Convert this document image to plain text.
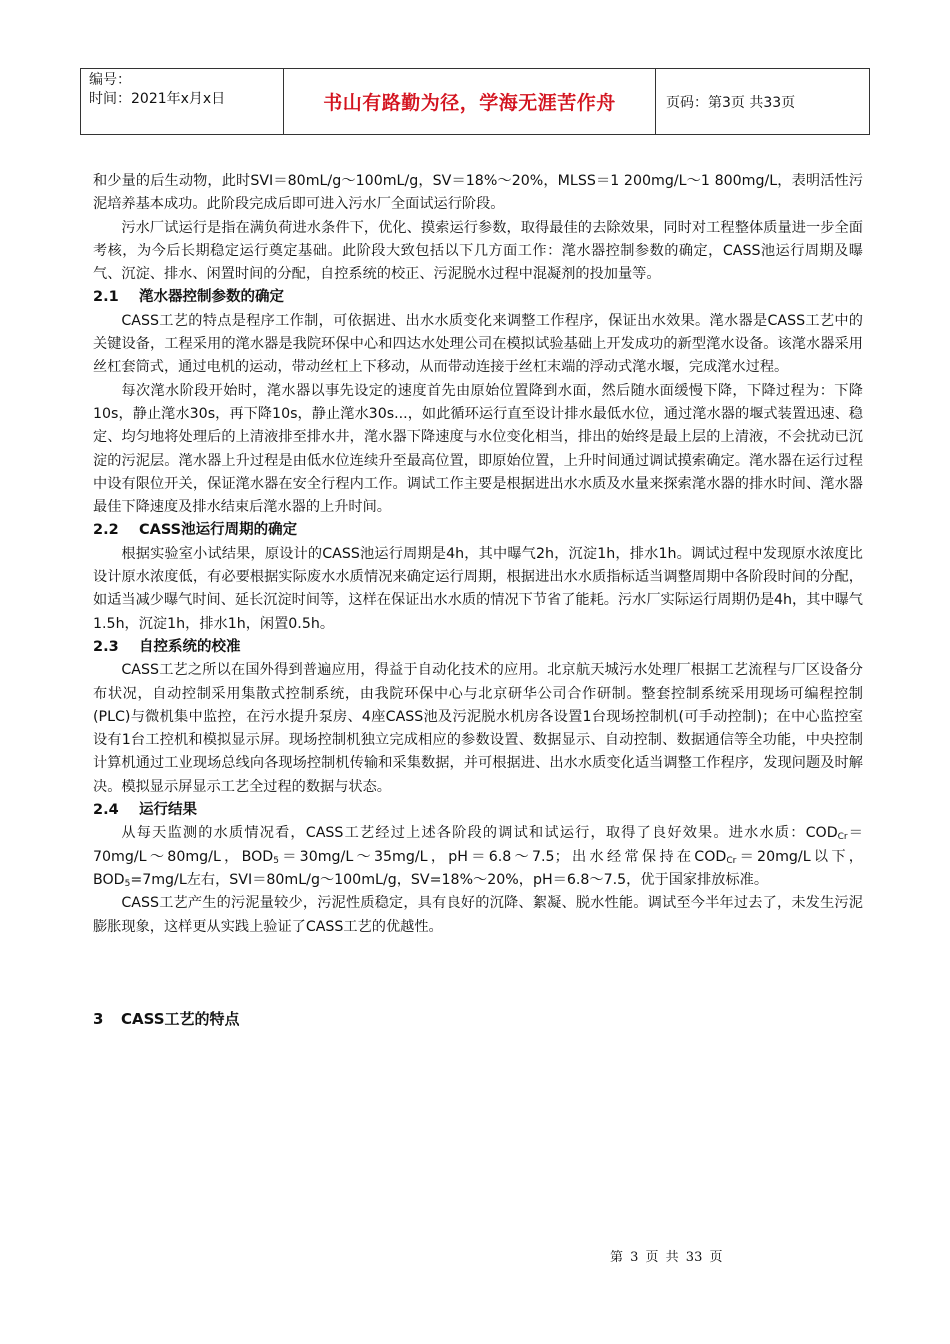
编号：
时间：2021年x月x日	书山有路勤为径，学海无涯苦作舟	页码：第3页 共33页

和少量的后生动物，此时SVI＝80mL/g～100mL/g，SV＝18%～20%，MLSS＝1 200mg/L～1 800mg/L，表明活性污泥培养基本成功。此阶段完成后即可进入污水厂全面试运行阶段。

污水厂试运行是指在满负荷进水条件下，优化、摸索运行参数，取得最佳的去除效果，同时对工程整体质量进一步全面考核，为今后长期稳定运行奠定基础。此阶段大致包括以下几方面工作：滗水器控制参数的确定，CASS池运行周期及曝气、沉淀、排水、闲置时间的分配，自控系统的校正、污泥脱水过程中混凝剂的投加量等。

2.1 滗水器控制参数的确定

CASS工艺的特点是程序工作制，可依据进、出水水质变化来调整工作程序，保证出水效果。滗水器是CASS工艺中的关键设备，工程采用的滗水器是我院环保中心和四达水处理公司在模拟试验基础上开发成功的新型滗水设备。该滗水器采用丝杠套筒式，通过电机的运动，带动丝杠上下移动，从而带动连接于丝杠末端的浮动式滗水堰，完成滗水过程。

每次滗水阶段开始时，滗水器以事先设定的速度首先由原始位置降到水面，然后随水面缓慢下降，下降过程为：下降10s，静止滗水30s，再下降10s，静止滗水30s...，如此循环运行直至设计排水最低水位，通过滗水器的堰式装置迅速、稳定、均匀地将处理后的上清液排至排水井，滗水器下降速度与水位变化相当，排出的始终是最上层的上清液，不会扰动已沉淀的污泥层。滗水器上升过程是由低水位连续升至最高位置，即原始位置，上升时间通过调试摸索确定。滗水器在运行过程中设有限位开关，保证滗水器在安全行程内工作。调试工作主要是根据进出水水质及水量来探索滗水器的排水时间、滗水器最佳下降速度及排水结束后滗水器的上升时间。

2.2 CASS池运行周期的确定

根据实验室小试结果，原设计的CASS池运行周期是4h，其中曝气2h，沉淀1h，排水1h。调试过程中发现原水浓度比设计原水浓度低，有必要根据实际废水水质情况来确定运行周期，根据进出水水质指标适当调整周期中各阶段时间的分配，如适当减少曝气时间、延长沉淀时间等，这样在保证出水水质的情况下节省了能耗。污水厂实际运行周期仍是4h，其中曝气1.5h，沉淀1h，排水1h，闲置0.5h。

2.3 自控系统的校准

CASS工艺之所以在国外得到普遍应用，得益于自动化技术的应用。北京航天城污水处理厂根据工艺流程与厂区设备分布状况，自动控制采用集散式控制系统，由我院环保中心与北京研华公司合作研制。整套控制系统采用现场可编程控制(PLC)与微机集中监控，在污水提升泵房、4座CASS池及污泥脱水机房各设置1台现场控制机(可手动控制)；在中心监控室设有1台工控机和模拟显示屏。现场控制机独立完成相应的参数设置、数据显示、自动控制、数据通信等全功能，中央控制计算机通过工业现场总线向各现场控制机传输和采集数据，并可根据进、出水水质变化适当调整工作程序，发现问题及时解决。模拟显示屏显示工艺全过程的数据与状态。

2.4 运行结果

从每天监测的水质情况看，CASS工艺经过上述各阶段的调试和试运行，取得了良好效果。进水水质：$COD_{Cr}=70mg/L\sim 80mg/L$，$BOD_5=30mg/L\sim 35mg/L$，pH＝6.8～7.5；出水经常保持在$COD_{Cr}=20mg/L$以下，$BOD_5=7mg/L$左右，SVI＝80mL/g～100mL/g，SV=18%～20%，pH＝6.8～7.5，优于国家排放标准。

CASS工艺产生的污泥量较少，污泥性质稳定，具有良好的沉降、絮凝、脱水性能。调试至今半年过去了，未发生污泥膨胀现象，这样更从实践上验证了CASS工艺的优越性。

3 CASS工艺的特点

第 3 页 共 33 页
